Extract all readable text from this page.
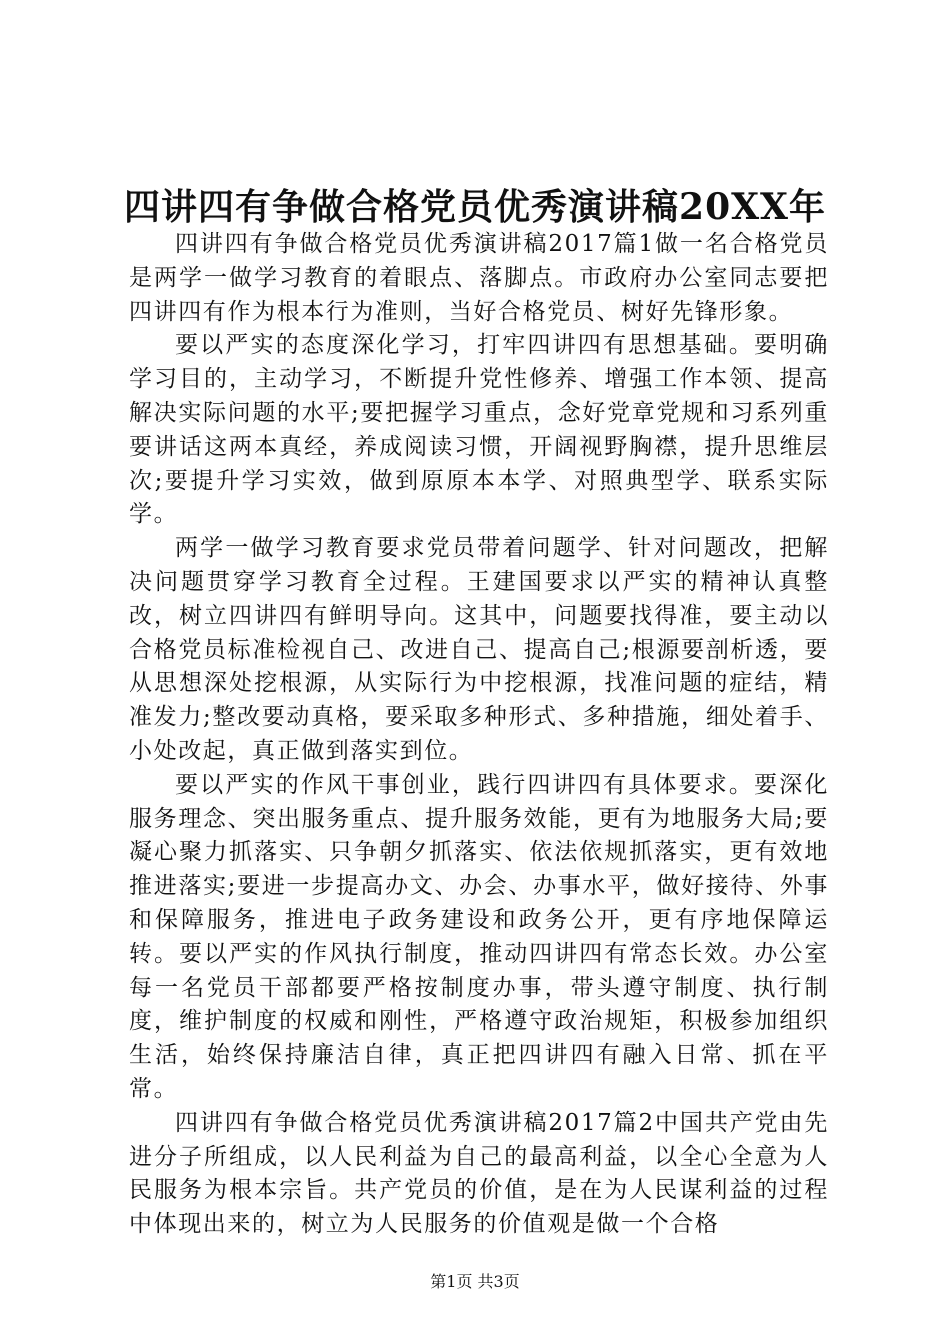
四讲四有争做合格党员优秀演讲稿20XX年

四讲四有争做合格党员优秀演讲稿2017篇1做一名合格党员是两学一做学习教育的着眼点、落脚点。市政府办公室同志要把四讲四有作为根本行为准则，当好合格党员、树好先锋形象。

要以严实的态度深化学习，打牢四讲四有思想基础。要明确学习目的，主动学习，不断提升党性修养、增强工作本领、提高解决实际问题的水平;要把握学习重点，念好党章党规和习系列重要讲话这两本真经，养成阅读习惯，开阔视野胸襟，提升思维层次;要提升学习实效，做到原原本本学、对照典型学、联系实际学。

两学一做学习教育要求党员带着问题学、针对问题改，把解决问题贯穿学习教育全过程。王建国要求以严实的精神认真整改，树立四讲四有鲜明导向。这其中，问题要找得准，要主动以合格党员标准检视自己、改进自己、提高自己;根源要剖析透，要从思想深处挖根源，从实际行为中挖根源，找准问题的症结，精准发力;整改要动真格，要采取多种形式、多种措施，细处着手、小处改起，真正做到落实到位。

要以严实的作风干事创业，践行四讲四有具体要求。要深化服务理念、突出服务重点、提升服务效能，更有为地服务大局;要凝心聚力抓落实、只争朝夕抓落实、依法依规抓落实，更有效地推进落实;要进一步提高办文、办会、办事水平，做好接待、外事和保障服务，推进电子政务建设和政务公开，更有序地保障运转。要以严实的作风执行制度，推动四讲四有常态长效。办公室每一名党员干部都要严格按制度办事，带头遵守制度、执行制度，维护制度的权威和刚性，严格遵守政治规矩，积极参加组织生活，始终保持廉洁自律，真正把四讲四有融入日常、抓在平常。

四讲四有争做合格党员优秀演讲稿2017篇2中国共产党由先进分子所组成，以人民利益为自己的最高利益，以全心全意为人民服务为根本宗旨。共产党员的价值，是在为人民谋利益的过程中体现出来的，树立为人民服务的价值观是做一个合格

第1页 共3页
